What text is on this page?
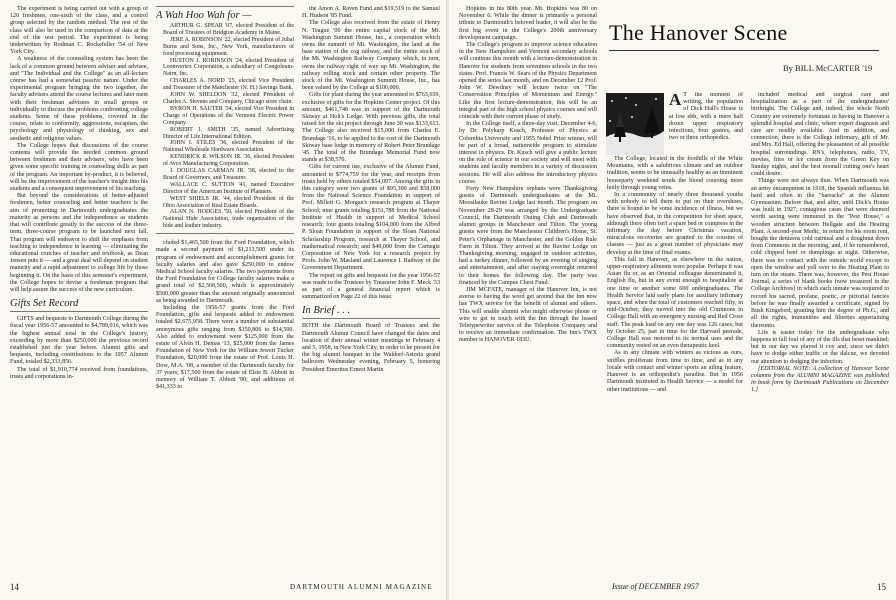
The experiment is being carried out with a group of 120 freshmen, one-sixth of the class, and a control group selected by the random method. The rest of the class will also be used in the comparison of data at the end of the test period. The experiment is being underwritten by Rodman C. Rockefeller '54 of New York City.

A weakness of the counseling system has been the lack of a common ground between adviser and advisee, and "The Individual and the College" as an all-lecture course has had a somewhat passive nature. Under the experimental program bringing the two together, the faculty advisers attend the course lectures and later meet with their freshman advisees in small groups or individually to discuss the problems confronting college students. Some of these problems, covered in the course, relate to conformity, aggressions, escapism, the psychology and physiology of thinking, sex and aesthetic and religious values.

The College hopes that discussions of the course contents will provide the needed common ground between freshmen and their advisers, who have been given some specific training in counseling skills as part of the program. An important by-product, it is believed, will be the improvement of the teacher's insight into his students and a consequent improvement of his teaching.

But beyond the considerations of better-adjusted freshmen, better counseling and better teachers is the aim of promoting in Dartmouth undergraduates the maturity as persons and the independence as students that will contribute greatly to the success of the three-term, three-course program to be launched next fall. That program will endeavor to shift the emphasis from teaching to independence in learning — eliminating the educational crutches of teacher and textbook, as Dean Jensen puts it — and a great deal will depend on student maturity and a rapid adjustment to college life by those beginning it. On the basis of this semester's experiment, the College hopes to devise a freshman program that will help assure the success of the new curriculum.

Gifts Set Record

GIFTS and bequests to Dartmouth College during the fiscal year 1956-57 amounted to $4,789,016, which was the highest annual total in the College's history, exceeding by more than $250,000 the previous record established just the year before. Alumni gifts and bequests, including contributions to the 1957 Alumni Fund, totaled $2,333,856.

The total of $1,910,774 received from foundations, trusts and corporations in-

A Wah Hoo Wah for —

ARTHUR G. SPEAR '07, elected President of the Board of Trustees of Bridgton Academy in Maine.

JERE A. ROBINSON '22, elected President of Jubal Burns and Sons, Inc., New York, manufacturers of food processing equipment.

HUSTON J. ROBINSON '24, elected President of Loomvertex Corporation, a subsidiary of Congoleum-Nairn, Inc.

CHARLES A. NORD '25, elected Vice President and Treasurer of the Manchester (N. H.) Savings Bank.

JOHN W. SHELDON '32, elected President of Charles A. Stevens and Company, Chicago store chain.

BYRON H. SAUTER '34, elected Vice President in Charge of Operations of the Vermont Electric Power Company.

ROBERT I. SMITH '35, named Advertising Director of Life International Edition.

JOHN I. STILES '36, elected President of the National Wholesale Hardware Association.

KENDRICK R. WILSON JR. '36, elected President of Avco Manufacturing Corporation.

J. DOUGLAS CARMAN JR. '38, elected to the Board of Governors, and Treasurer.

WALLACE C. SUTTON '41, named Executive Director of the American Institute of Planners.

WEST SHIELS JR. '44, elected President of the Ohio Association of Real Estate Boards.

ALAN N. HODGES '50, elected President of the National Hide Association, trade organization of the hide and leather industry.

cluded $1,465,500 from the Ford Foundation, which made a second payment of $1,213,500 under its program of endowment and accomplishment grants for faculty salaries and also gave $250,000 to endow Medical School faculty salaries. The two payments from the Ford Foundation for College faculty salaries make a grand total of $2,568,500, which is approximately $500,000 greater than the amount originally announced as being awarded to Dartmouth.

Including the 1956-57 grants from the Ford Foundation, gifts and bequests added to endowment totaled $2,675,958. There were a number of substantial anonymous gifts ranging from $150,806 to $14,500. Also added to endowment were $125,000 from the estate of Alvin H. Demas '13, $25,000 from the James Foundation of New York for the William Jewett Tucker Foundation, $20,000 from the estate of Prof. Louis H. Dow, M.A. '08, a member of the Dartmouth faculty for 37 years; $17,500 from the estate of Elsie B. Abbott in memory of William T. Abbott '90; and additions of $41,333 to

the Amon A. Raven Fund and $19,519 to the Samuel H. Hudson '85 Fund.

The College also received from the estate of Henry N. Teague '00 the entire capital stock of the Mt. Washington Summit House, Inc., a corporation which owns the summit of Mt. Washington, the land at the base station of the cog railway, and the entire stock of the Mt. Washington Railway Company which, in turn, owns the railway right of way up Mt. Washington, the railway rolling stock and certain other property. The stock of the Mt. Washington Summit House, Inc., has been valued by the College at $100,000.

Gifts for plant during the year amounted to $763,659, exclusive of gifts for the Hopkins Center project. Of this amount, $461,748 was in support of the Dartmouth Skiway at Holt's Ledge. With previous gifts, the total raised for the ski project through June 30 was $133,613. The College also received $15,000 from Charles E. Brundage '16, to be applied to the cost of the Dartmouth Skiway base lodge in memory of Robert Peter Brundage '45. The total of the Brundage Memorial Fund now stands at $38,570.

Gifts for current use, exclusive of the Alumni Fund, amounted to $774,759 for the year, and receipts from trusts held by others totaled $54,097. Among the gifts in this category were two grants of $95,300 and $58,000 from the National Science Foundation in support of Prof. Millett G. Morgan's research program at Thayer School; nine grants totaling $151,788 from the National Institute of Health in support of Medical School research; four grants totaling $104,000 from the Alfred P. Sloan Foundation in support of the Sloan National Scholarship Program, research at Thayer School, and mathematical research; and $40,000 from the Carnegie Corporation of New York for a research project by Profs. John W. Masland and Laurence I. Radway of the Government Department.

The report on gifts and bequests for the year 1956-57 was made to the Trustees by Treasurer John F. Meck '33 as part of a general financial report which is summarized on Page 22 of this issue.

In Brief . . .

BOTH the Dartmouth Board of Trustees and the Dartmouth Alumni Council have changed the dates and location of their annual winter meetings to February 4 and 5, 1958, in New York City, in order to be present for the big alumni banquet in the Waldorf-Astoria grand ballroom Wednesday evening, February 5, honoring President Emeritus Ernest Martin

14	DARTMOUTH ALUMNI MAGAZINE

Hopkins in his 80th year. Mr. Hopkins was 80 on November 6. While the dinner is primarily a personal tribute to Dartmouth's beloved leader, it will also be the first big event in the College's 200th anniversary development campaign.

The College's program to improve science education in the New Hampshire and Vermont secondary schools will continue this month with a lecture-demonstration in Hanover for students from seventeen schools in the two states. Prof. Francis W. Sears of the Physics Department opened the series last month, and on December 12 Prof. John W. Dewdney will lecture twice on "The Conservation Principles of Momentum and Energy." Like the first lecture-demonstration, this will be an integral part of the high school physics courses and will coincide with their current phase of study.

In the College itself, a three-day visit, December 4-6, by Dr. Polykarp Kusch, Professor of Physics at Columbia University and 1955 Nobel Prize winner, will be part of a broad, nationwide program to stimulate interest in physics. Dr. Kusch will give a public lecture on the role of science in our society and will meet with students and faculty members in a variety of discussion sessions. He will also address the introductory physics course.

Forty New Hampshire orphans were Thanksgiving guests of Dartmouth undergraduates at the Mt. Moosilauke Ravine Lodge last month. The program on November 28-29 was arranged by the Undergraduate Council, the Dartmouth Outing Club and Dartmouth alumni groups in Manchester and Tilton. The young guests were from the Manchester Children's Home, St. Peter's Orphanage in Manchester, and the Golden Rule Farm in Tilton. They arrived at the Ravine Lodge on Thanksgiving morning, engaged in outdoor activities, had a turkey dinner, followed by an evening of singing and entertainment, and after staying overnight returned to their homes the following day. The party was financed by the Campus Chest Fund.

JIM MCFATE, manager of the Hanover Inn, is not averse to having the word get around that the Inn now has TWX service for the benefit of alumni and others. This will enable alumni who might otherwise phone or wire to get in touch with the Inn through the leased Teletypewriter service of the Telephone Company and to receive an immediate confirmation. The Inn's TWX number is HANOVER 183U.

The Hanover Scene
By BILL McCARTER '19
A T the moment of writing, the population of Dick Hall's House is at low ebb, with a mere half dozen upper respiratory infections, four gastres, and two or three orthopedics.

The College, located in the foothills of the White Mountains, with a salubrious climate and an outdoor tradition, seems to be unusually healthy as an imminent houseparty weekend sends the blood coursing more hotly through young veins.

In a community of nearly three thousand youths with nobody to tell them to put on their overshoes, there is bound to be some incidence of illness, but we have observed that, in the competition for sheet space, although there often isn't a spare bed or compress in the infirmary the day before Christmas vacation, miraculous recoveries are granted to the cousins of classes — just as a great number of physicians may develop at the time of final exams.

This fall in Hanover, as elsewhere in the nation, upper-respiratory ailments were popular. Perhaps it was Asian flu or, as an Oriental colleague denominated it, English flu, but in any event enough to hospitalize at one time or another some 600 undergraduates. The Health Service laid early plans for auxiliary infirmary space, and when the total of customers reached fifty, in mid-October, they moved into the old Commons in College Hall with an emergency nursing and Red Cross staff. The peak load on any one day was 126 cases, but by October 25, just in time for the Harvard peerade, College Hall was restored to its normal uses and the community rested on an even therapeutic keel.

As in any climate with winters as vicious as ours, sniffles proliferate from time to time, and as in any locale with contact and winter sports an ailing feature, Hanover is an orthopedist's paradise. But in 1956 Dartmouth instituted in Health Service — a model for other institutions — and

included medical and surgical care and hospitalization as a part of the undergraduates' birthright. The College and, indeed, the whole North Country are extremely fortunate in having in Hanover a splendid hospital and clinic, where expert diagnosis and care are readily available. And in addition, and connection, there is the College infirmary, gift of Mr. and Mrs. Ed Hall, offering the pleasantest of all possible hospital surroundings. RN's, telephones, radio, TV, movies, fries or ice cream from the Green Key on Sunday nights, and the best noonall cutting one's heart could desire.

Things were not always thus. When Dartmouth was an army encampment in 1918, the Spanish influenza hit hard and often in the "barracks" at the Alumni Gymnasium. Before that, and after, until Dick's House was built in 1927, contagious cases that were deemed worth saving were immured in the "Pest House," a wooden structure between Hellgate and the Heating Plant. A second-year Medic, in return for his room rent, bought the denizens cold oatmeal and a doughnut down from Commons in the morning, and, if he remembered, cold chipped beef or dumplings at night. Otherwise, there was no contact with the outside world except to open the window and yell over to the Heating Plant to turn on the steam. There was, however, the Pest House Journal, a series of blank books (now treasured in the College Archives) in which each inmate was required to record his sacred, profane, poetic, or pictorial fancies before he was finally awarded a certificate, signed by Bush Kingsford, granting him the degree of Ph.G., and all the rights, immunities and liberties appertaining thereunto.

Life is easier today for the undergraduate who happens to fall foul of any of the ills that beset mankind; but in our day we played it coy and, since we didn't have to dodge either traffic or the dalcue, we devoted our attention to dodging the infection.

[EDITORIAL NOTE: A collection of Hanover Scene columns from the ALUMNI MAGAZINE was published in book form by Dartmouth Publications on December 1.]

Issue of DECEMBER 1957	15
